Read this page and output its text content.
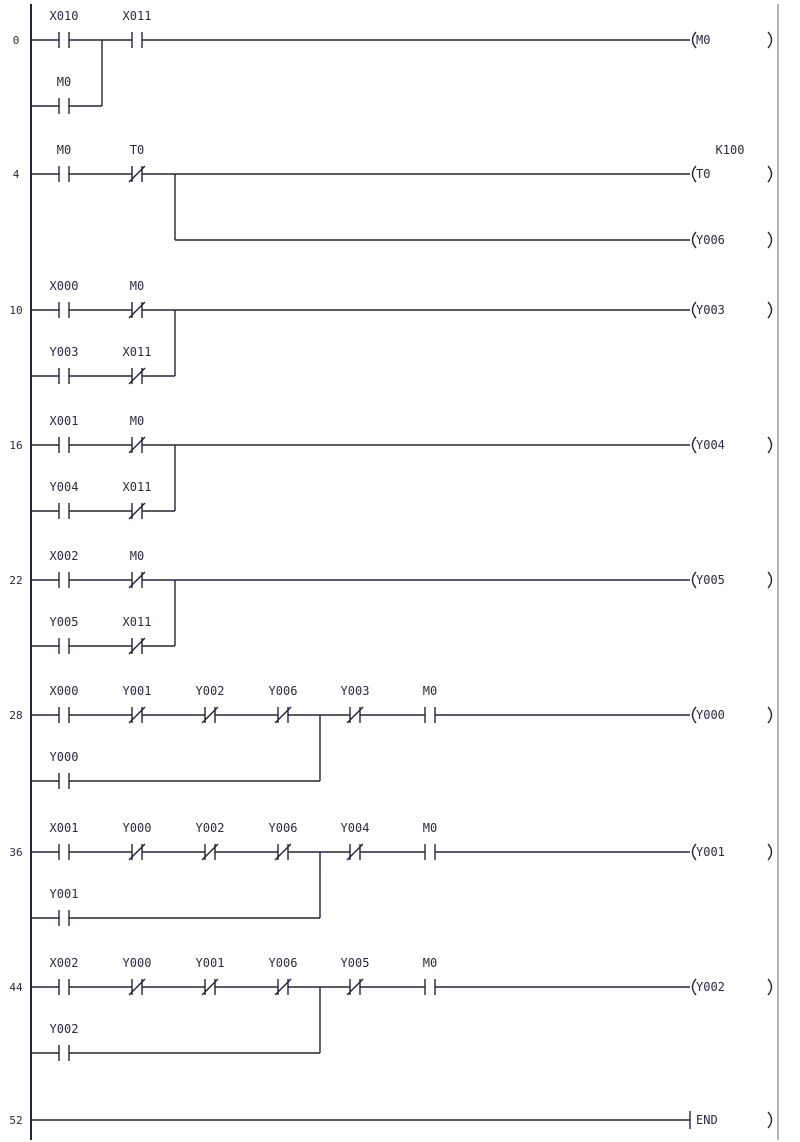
0
X010	X011
M0
M0
4
M0	T0
T0
K100
Y006
10
X000	M0
Y003
Y003	X011
16
X001	M0
Y004
Y004	X011
22
X002	M0
Y005
Y005	X011
28
X000	Y001	Y002	Y006	Y003	M0
Y000
Y000
36
X001	Y000	Y002	Y006	Y004	M0
Y001
Y001
44
X002	Y000	Y001	Y006	Y005	M0
Y002
Y002
52	END
